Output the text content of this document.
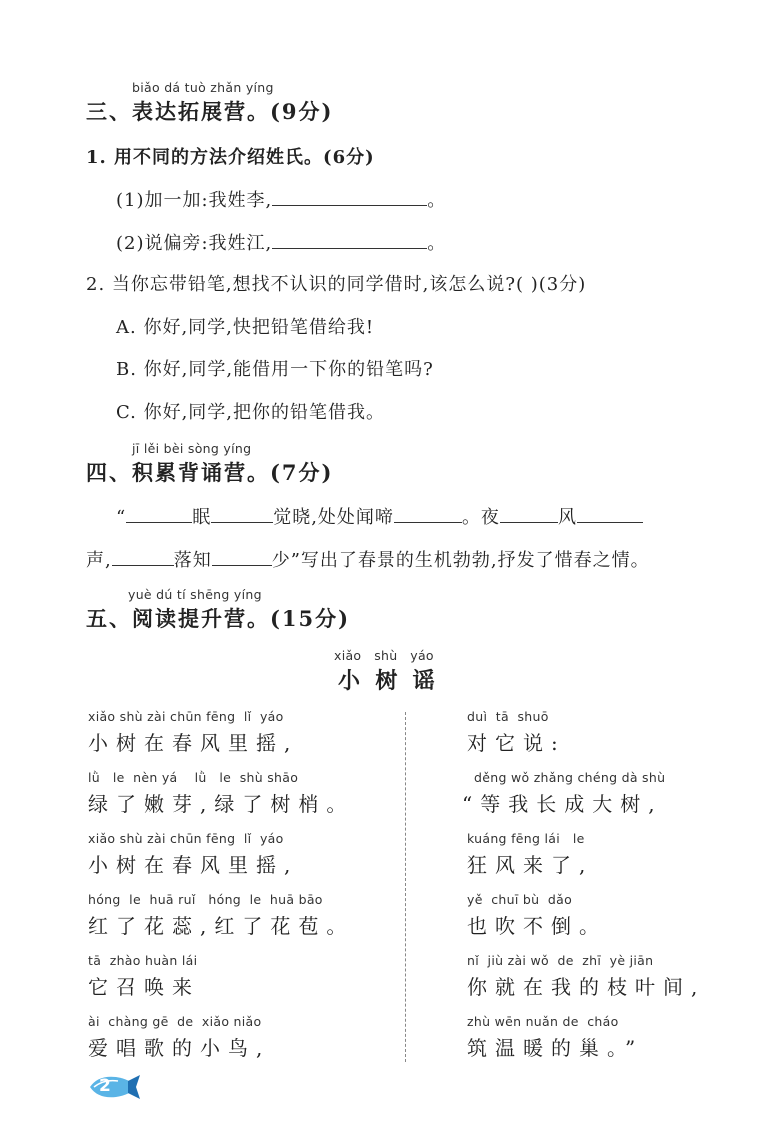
biǎo dá tuò zhǎn yíng
三、表达拓展营。(9分)
1. 用不同的方法介绍姓氏。(6分)
(1)加一加:我姓李,	。
(2)说偏旁:我姓江,	。
2. 当你忘带铅笔,想找不认识的同学借时,该怎么说?( )(3分)
A. 你好,同学,快把铅笔借给我!
B. 你好,同学,能借用一下你的铅笔吗?
C. 你好,同学,把你的铅笔借我。
jī lěi bèi sòng yíng
四、积累背诵营。(7分)
“	眠	觉晓,处处闻啼	。夜	风
声,	落知	少”写出了春景的生机勃勃,抒发了惜春之情。
yuè dú tí shēng yíng
五、阅读提升营。(15分)
xiǎo   shù   yáo
小  树  谣
xiǎo shù zài chūn fēng  lǐ  yáo
小树在春风里摇,
lǜ   le  nèn yá    lǜ   le  shù shāo
绿了嫩芽,绿了树梢。
xiǎo shù zài chūn fēng  lǐ  yáo
小树在春风里摇,
hóng  le  huā ruǐ   hóng  le  huā bāo
红了花蕊,红了花苞。
tā  zhào huàn lái
它召唤来
ài  chàng gē  de  xiǎo niǎo
爱唱歌的小鸟,
duì  tā  shuō
对它说:
děng wǒ zhǎng chéng dà shù
“等我长成大树,
kuáng fēng lái   le
狂风来了,
yě  chuī bù  dǎo
也吹不倒。
nǐ  jiù zài wǒ  de  zhī  yè jiān
你就在我的枝叶间,
zhù wēn nuǎn de  cháo
筑温暖的巢。”
2
